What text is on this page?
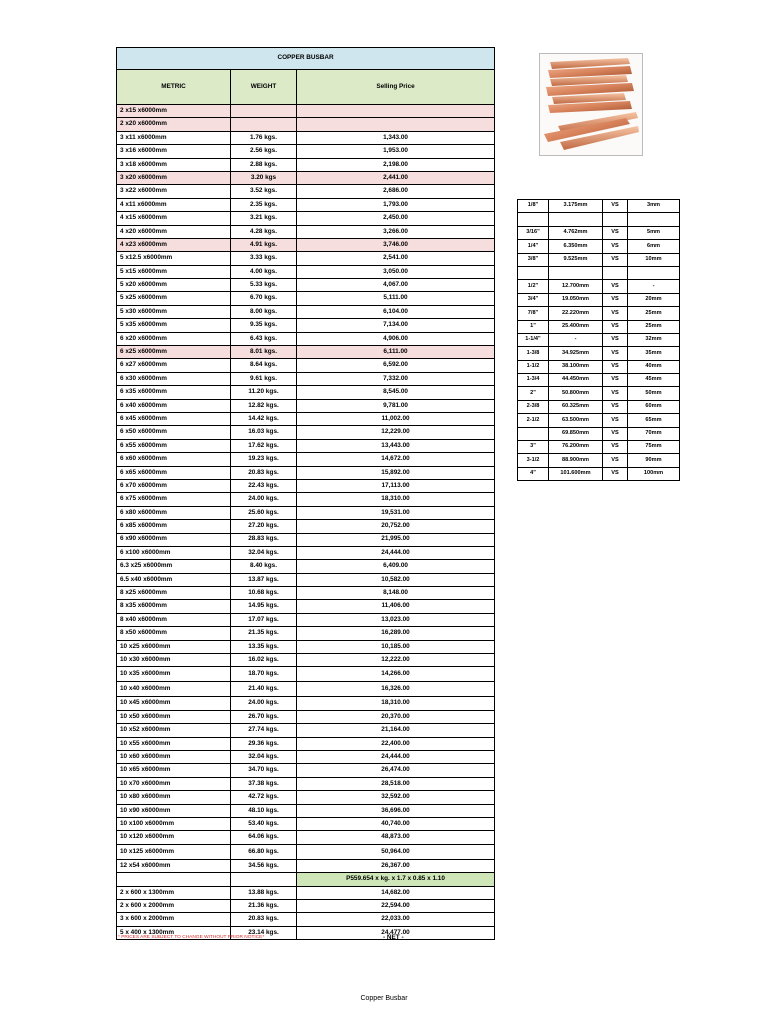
COPPER BUSBAR		
METRIC	WEIGHT	Selling Price
2 x15 x6000mm		
2 x20 x6000mm		
3 x11 x6000mm	1.76 kgs.	1,343.00
3 x16 x6000mm	2.56 kgs.	1,953.00
3 x18 x6000mm	2.88 kgs.	2,198.00
3 x20 x6000mm	3.20 kgs	2,441.00
3 x22 x6000mm	3.52 kgs.	2,686.00
4 x11 x6000mm	2.35 kgs.	1,793.00
4 x15 x6000mm	3.21 kgs.	2,450.00
4 x20 x6000mm	4.28 kgs.	3,266.00
4 x23 x6000mm	4.91 kgs.	3,746.00
5 x12.5 x6000mm	3.33 kgs.	2,541.00
5 x15 x6000mm	4.00 kgs.	3,050.00
5 x20 x6000mm	5.33 kgs.	4,067.00
5 x25 x6000mm	6.70 kgs.	5,111.00
5 x30 x6000mm	8.00 kgs.	6,104.00
5 x35 x6000mm	9.35 kgs.	7,134.00
6 x20 x6000mm	6.43 kgs.	4,906.00
6 x25 x6000mm	8.01 kgs.	6,111.00
6 x27 x6000mm	8.64 kgs.	6,592.00
6 x30 x6000mm	9.61 kgs.	7,332.00
6 x35 x6000mm	11.20 kgs.	8,545.00
6 x40 x6000mm	12.82 kgs.	9,781.00
6 x45 x6000mm	14.42 kgs.	11,002.00
6 x50 x6000mm	16.03 kgs.	12,229.00
6 x55 x6000mm	17.62 kgs.	13,443.00
6 x60 x6000mm	19.23 kgs.	14,672.00
6 x65 x6000mm	20.83 kgs.	15,892.00
6 x70 x6000mm	22.43 kgs.	17,113.00
6 x75 x6000mm	24.00 kgs.	18,310.00
6 x80 x6000mm	25.60 kgs.	19,531.00
6 x85 x6000mm	27.20 kgs.	20,752.00
6 x90 x6000mm	28.83 kgs.	21,995.00
6 x100 x6000mm	32.04 kgs.	24,444.00
6.3 x25 x6000mm	8.40 kgs.	6,409.00
6.5 x40 x6000mm	13.87 kgs.	10,582.00
8 x25 x6000mm	10.68 kgs.	8,148.00
8 x35 x6000mm	14.95 kgs.	11,406.00
8 x40 x6000mm	17.07 kgs.	13,023.00
8 x50 x6000mm	21.35 kgs.	16,289.00
10 x25 x6000mm	13.35 kgs.	10,185.00
10 x30 x6000mm	16.02 kgs.	12,222.00
10 x35 x6000mm	18.70 kgs.	14,266.00
10 x40 x6000mm	21.40 kgs.	16,326.00
10 x45 x6000mm	24.00 kgs.	18,310.00
10 x50 x6000mm	26.70 kgs.	20,370.00
10 x52 x6000mm	27.74 kgs.	21,164.00
10 x55 x6000mm	29.36 kgs.	22,400.00
10 x60 x6000mm	32.04 kgs.	24,444.00
10 x65 x6000mm	34.70 kgs.	26,474.00
10 x70 x6000mm	37.38 kgs.	28,518.00
10 x80 x6000mm	42.72 kgs.	32,592.00
10 x90 x6000mm	48.10 kgs.	36,696.00
10 x100 x6000mm	53.40 kgs.	40,740.00
10 x120 x6000mm	64.06 kgs.	48,873.00
10 x125 x6000mm	66.80 kgs.	50,964.00
12 x54 x6000mm	34.56 kgs.	26,367.00
		P559.654 x kg. x 1.7 x 0.85 x 1.10
2 x 600 x 1300mm	13.88 kgs.	14,682.00
2 x 600 x 2000mm	21.36 kgs.	22,594.00
3 x 600 x 2000mm	20.83 kgs.	22,033.00
5 x 400 x 1300mm	23.14 kgs.	24,477.00
* PRICES ARE SUBJECT TO CHANGE WITHOUT PRIOR NOTICE*	- NET -
1/8"	3.175mm	VS	3mm

3/16"	4.762mm	VS	5mm
1/4"	6.350mm	VS	6mm
3/8"	9.525mm	VS	10mm

1/2"	12.700mm	VS	-
3/4"	19.050mm	VS	20mm
7/8"	22.220mm	VS	25mm
1"	25.400mm	VS	25mm
1-1/4"	-	VS	32mm
1-3/8	34.925mm	VS	35mm
1-1/2	38.100mm	VS	40mm
1-3/4	44.450mm	VS	45mm
2"	50.800mm	VS	50mm
2-3/8	60.325mm	VS	60mm
2-1/2	63.500mm	VS	65mm
	69.850mm	VS	70mm
3"	76.200mm	VS	75mm
3-1/2	88.900mm	VS	90mm
4"	101.600mm	VS	100mm
Copper Busbar
